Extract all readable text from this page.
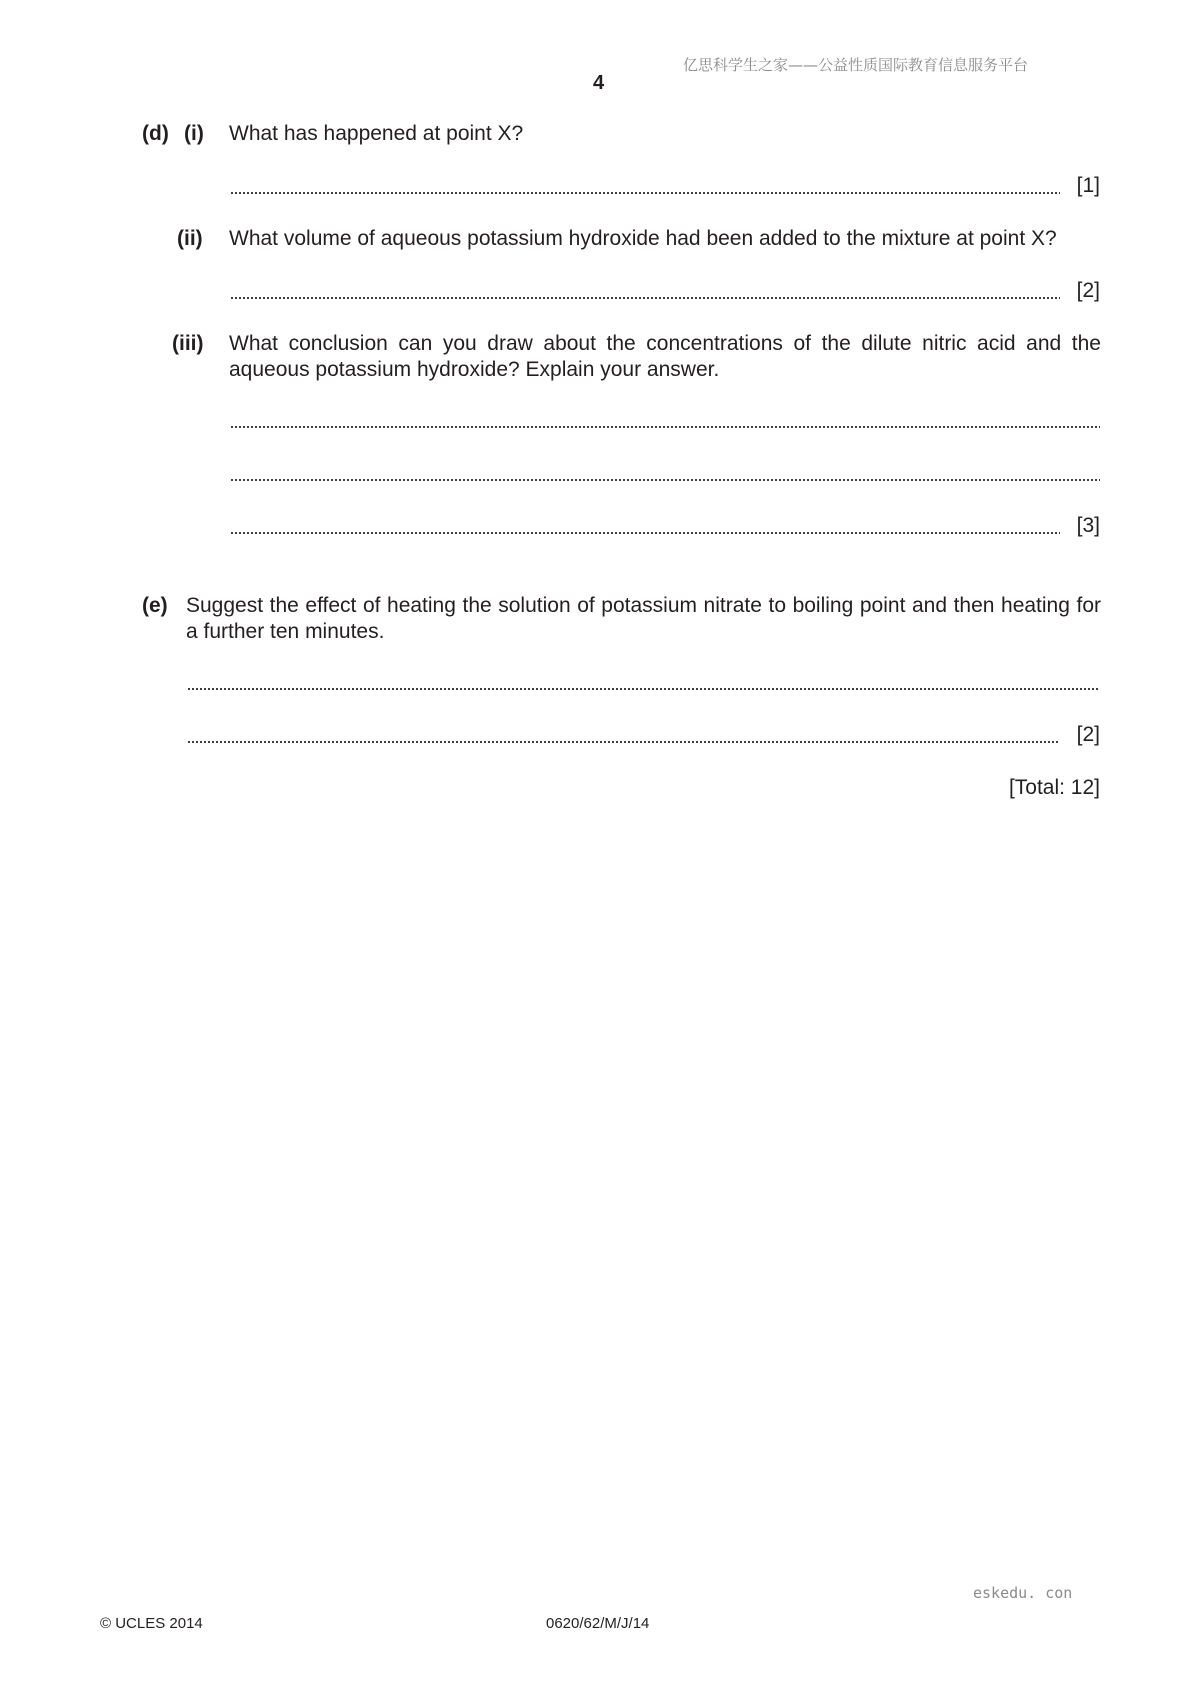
亿思科学生之家——公益性质国际教育信息服务平台
4
(d) (i) What has happened at point X?
[1]
(ii) What volume of aqueous potassium hydroxide had been added to the mixture at point X?
[2]
(iii) What conclusion can you draw about the concentrations of the dilute nitric acid and the aqueous potassium hydroxide? Explain your answer.
[3]
(e) Suggest the effect of heating the solution of potassium nitrate to boiling point and then heating for a further ten minutes.
[2]
[Total: 12]
eskedu. con
© UCLES 2014	0620/62/M/J/14
